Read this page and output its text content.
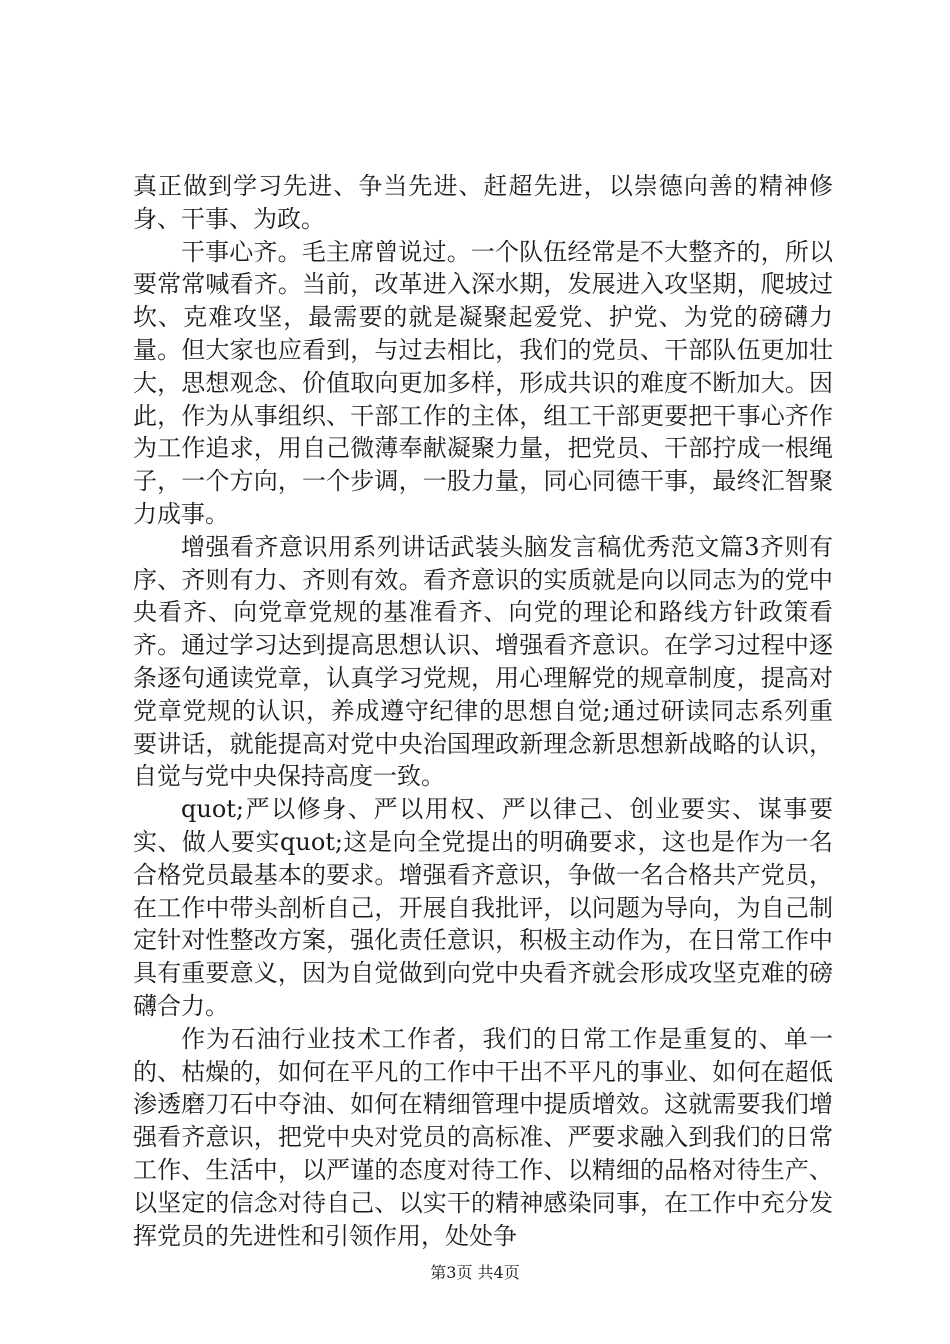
真正做到学习先进、争当先进、赶超先进，以崇德向善的精神修身、干事、为政。

干事心齐。毛主席曾说过。一个队伍经常是不大整齐的，所以要常常喊看齐。当前，改革进入深水期，发展进入攻坚期，爬坡过坎、克难攻坚，最需要的就是凝聚起爱党、护党、为党的磅礴力量。但大家也应看到，与过去相比，我们的党员、干部队伍更加壮大，思想观念、价值取向更加多样，形成共识的难度不断加大。因此，作为从事组织、干部工作的主体，组工干部更要把干事心齐作为工作追求，用自己微薄奉献凝聚力量，把党员、干部拧成一根绳子，一个方向，一个步调，一股力量，同心同德干事，最终汇智聚力成事。

增强看齐意识用系列讲话武装头脑发言稿优秀范文篇3齐则有序、齐则有力、齐则有效。看齐意识的实质就是向以同志为的党中央看齐、向党章党规的基准看齐、向党的理论和路线方针政策看齐。通过学习达到提高思想认识、增强看齐意识。在学习过程中逐条逐句通读党章，认真学习党规，用心理解党的规章制度，提高对党章党规的认识，养成遵守纪律的思想自觉;通过研读同志系列重要讲话，就能提高对党中央治国理政新理念新思想新战略的认识，自觉与党中央保持高度一致。

quot;严以修身、严以用权、严以律己、创业要实、谋事要实、做人要实quot;这是向全党提出的明确要求，这也是作为一名合格党员最基本的要求。增强看齐意识，争做一名合格共产党员，在工作中带头剖析自己，开展自我批评，以问题为导向，为自己制定针对性整改方案，强化责任意识，积极主动作为，在日常工作中具有重要意义，因为自觉做到向党中央看齐就会形成攻坚克难的磅礴合力。

作为石油行业技术工作者，我们的日常工作是重复的、单一的、枯燥的，如何在平凡的工作中干出不平凡的事业、如何在超低渗透磨刀石中夺油、如何在精细管理中提质增效。这就需要我们增强看齐意识，把党中央对党员的高标准、严要求融入到我们的日常工作、生活中，以严谨的态度对待工作、以精细的品格对待生产、以坚定的信念对待自己、以实干的精神感染同事，在工作中充分发挥党员的先进性和引领作用，处处争

第3页 共4页
